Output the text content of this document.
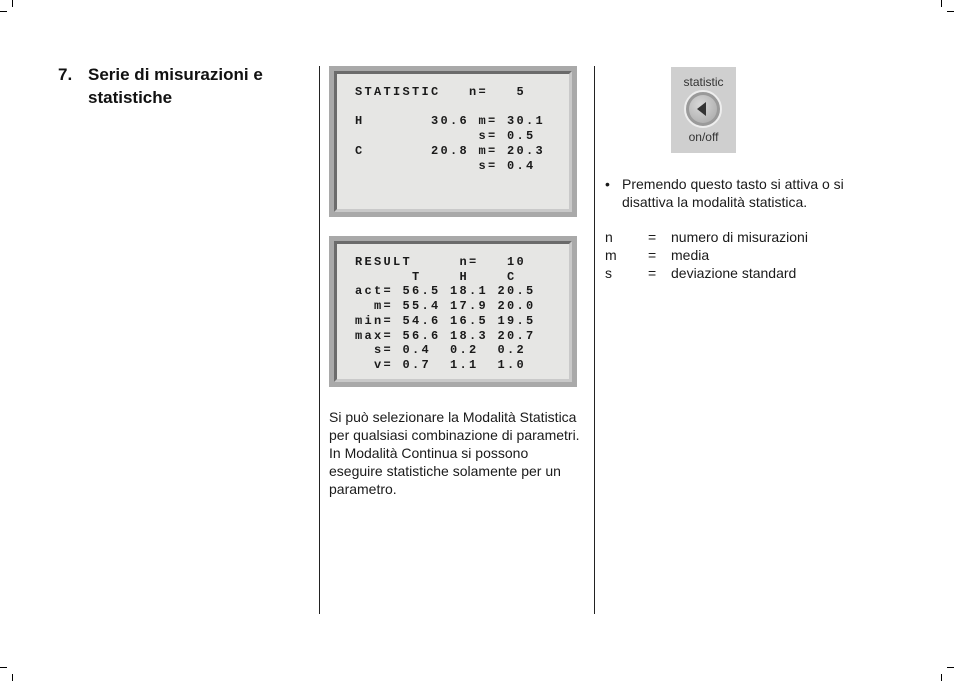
7. Serie di misurazioni e statistiche	STATISTIC   n=   5

H       30.6 m= 30.1
s= 0.5
C       20.8 m= 20.3
s= 0.4
RESULT     n=   10
T    H    C
act= 56.5 18.1 20.5
m= 55.4 17.9 20.0
min= 54.6 16.5 19.5
max= 56.6 18.3 20.7
s= 0.4  0.2  0.2
v= 0.7  1.1  1.0

Si può selezionare la Modalità Statistica per qualsiasi combinazione di parametri. In Modalità Continua si possono eseguire statistiche solamente per un parametro.

statistic
on/off
• Premendo questo tasto si attiva o si disattiva la modalità statistica.
n	= numero di misurazioni
m = media
s	= deviazione standard
